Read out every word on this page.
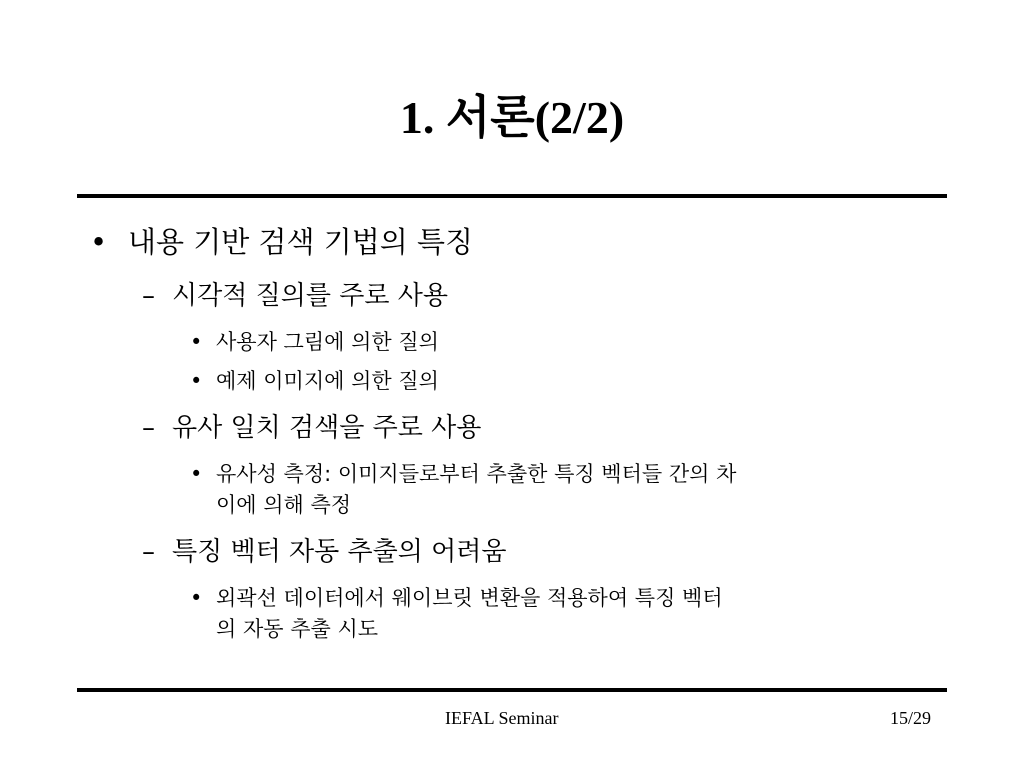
1. 서론(2/2)
• 내용 기반 검색 기법의 특징
– 시각적 질의를 주로 사용
• 사용자 그림에 의한 질의
• 예제 이미지에 의한 질의
– 유사 일치 검색을 주로 사용
• 유사성 측정: 이미지들로부터 추출한 특징 벡터들 간의 차
이에 의해 측정
– 특징 벡터 자동 추출의 어려움
• 외곽선 데이터에서 웨이브릿 변환을 적용하여 특징 벡터
의 자동 추출 시도
IEFAL Seminar	15/29
